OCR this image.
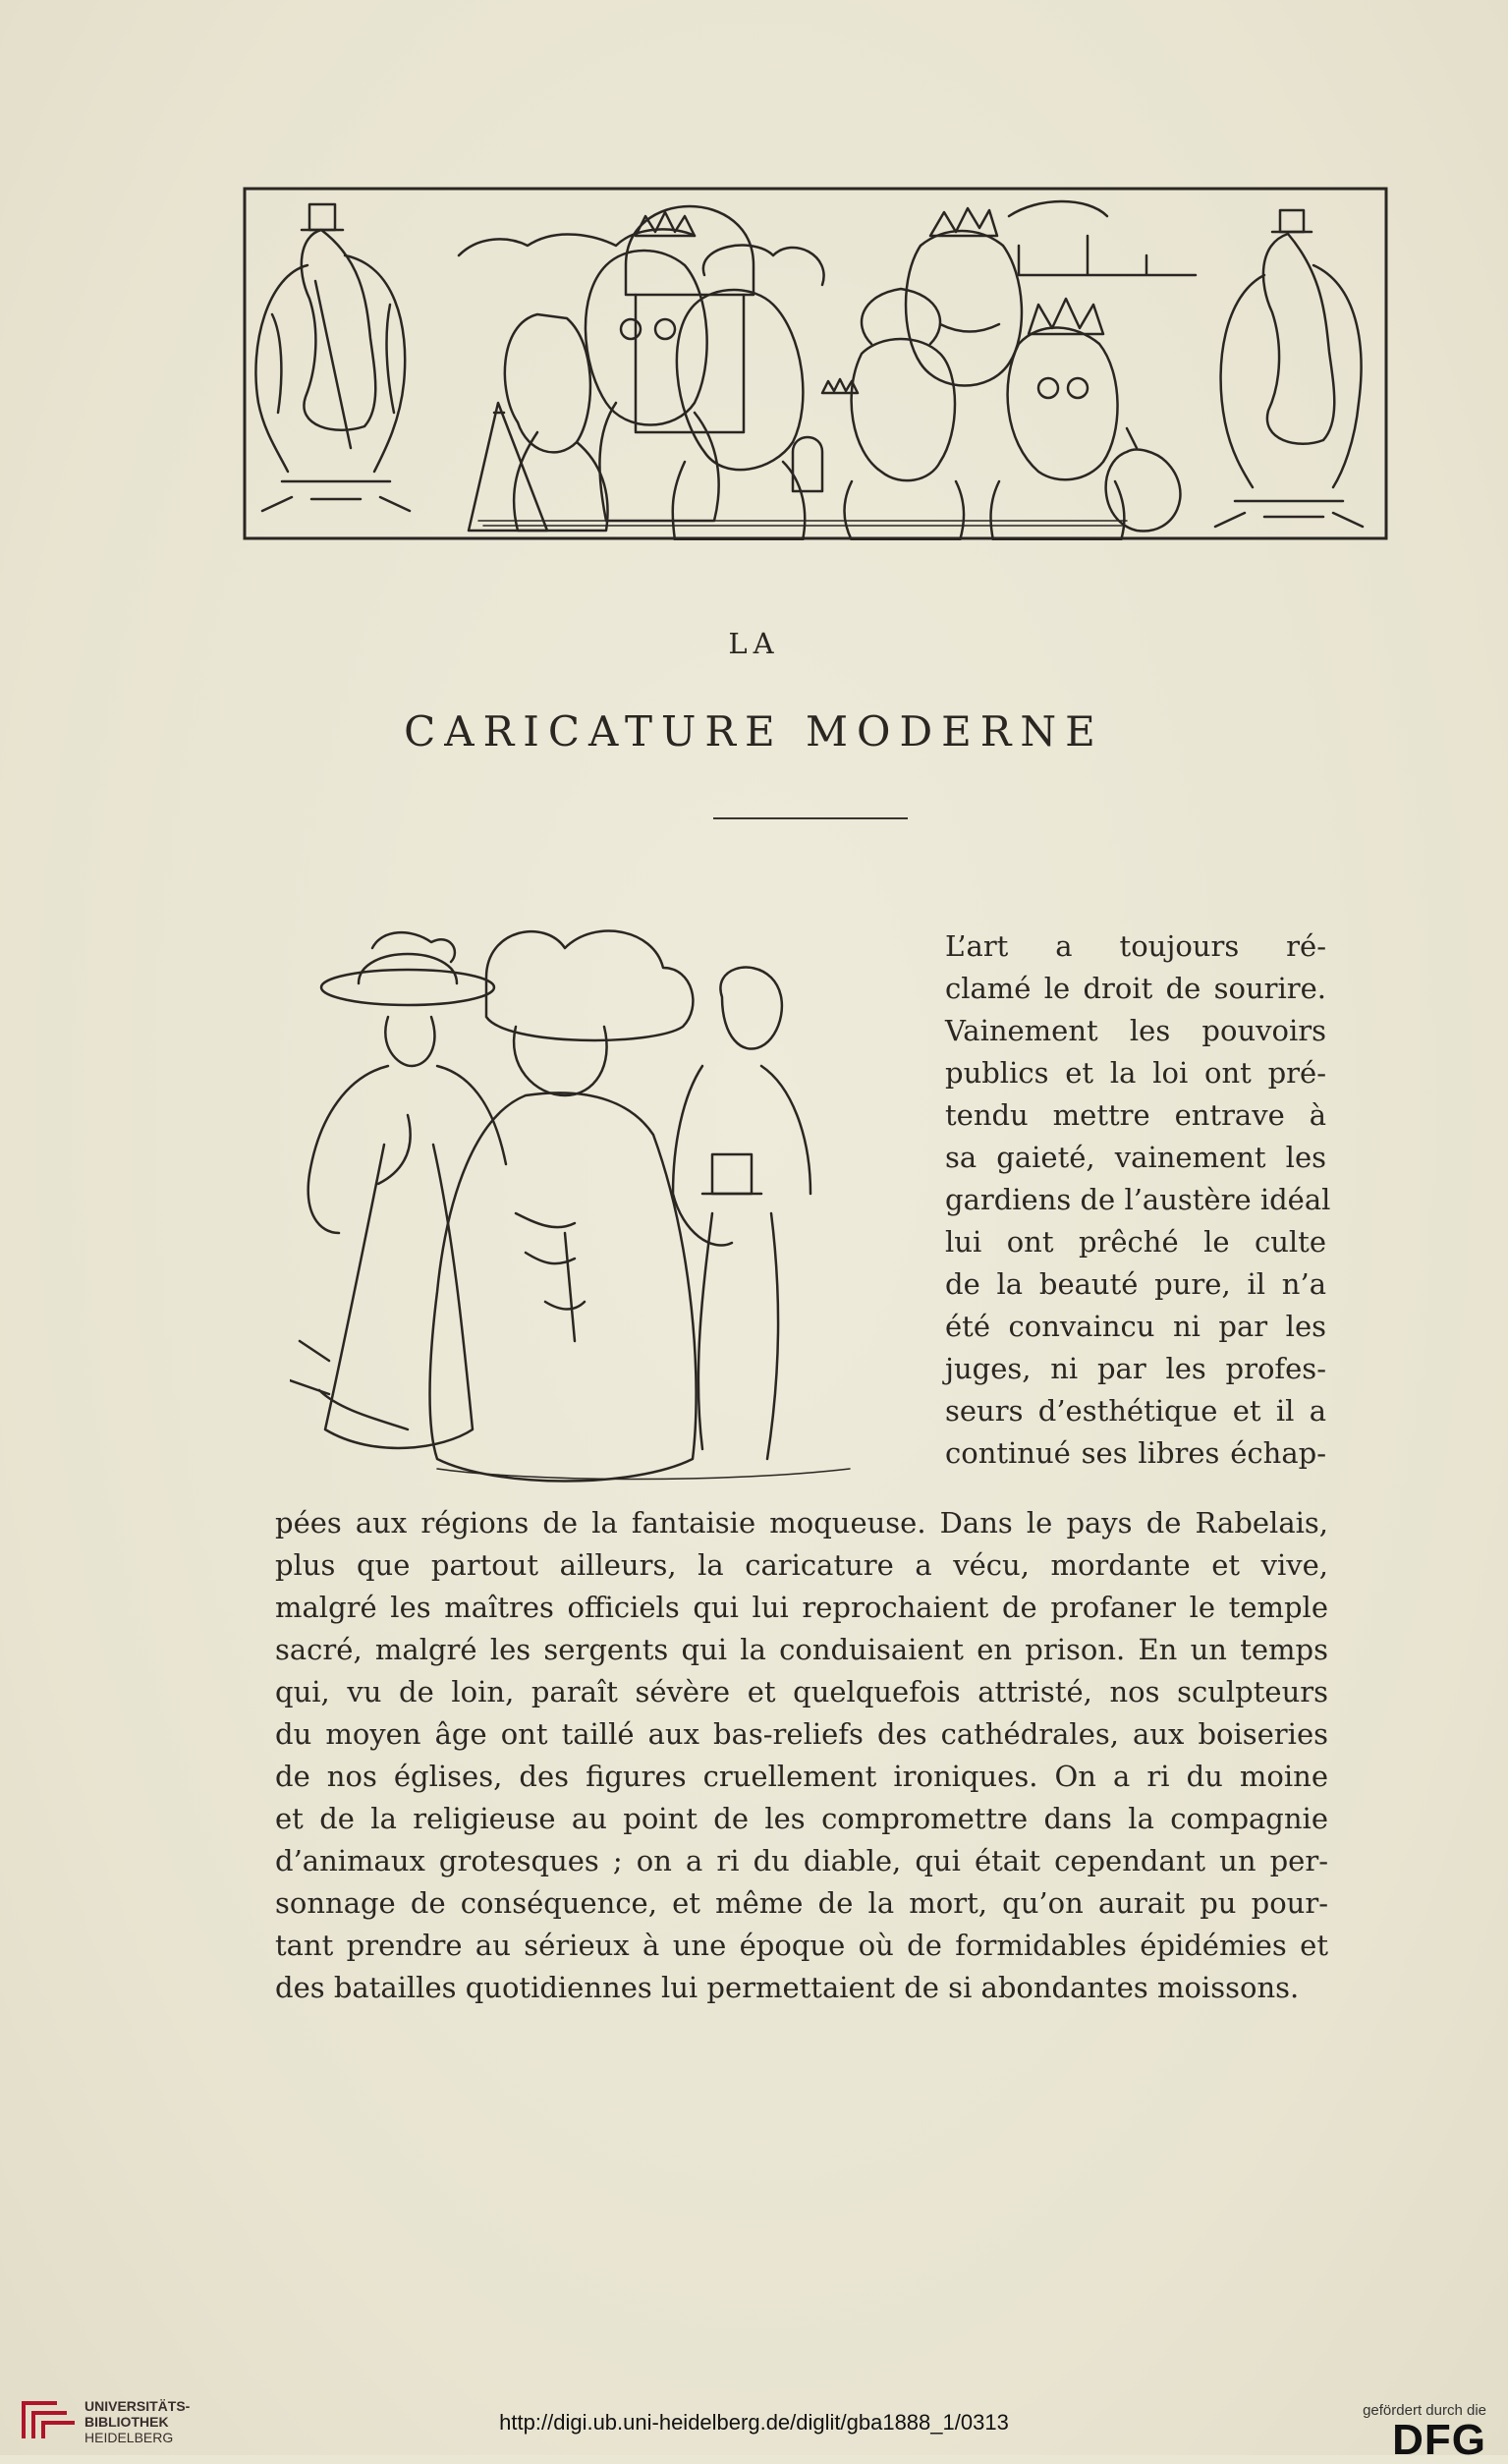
LA
CARICATURE MODERNE
L’art a toujours ré-
clamé le droit de sourire.
Vainement les pouvoirs
publics et la loi ont pré-
tendu mettre entrave à
sa gaieté, vainement les
gardiens de l’austère idéal
lui ont prêché le culte
de la beauté pure, il n’a
été convaincu ni par les
juges, ni par les profes-
seurs d’esthétique et il a
continué ses libres échap-
pées aux régions de la fantaisie moqueuse. Dans le pays de Rabelais,
plus que partout ailleurs, la caricature a vécu, mordante et vive,
malgré les maîtres officiels qui lui reprochaient de profaner le temple
sacré, malgré les sergents qui la conduisaient en prison. En un temps
qui, vu de loin, paraît sévère et quelquefois attristé, nos sculpteurs
du moyen âge ont taillé aux bas-reliefs des cathédrales, aux boiseries
de nos églises, des figures cruellement ironiques. On a ri du moine
et de la religieuse au point de les compromettre dans la compagnie
d’animaux grotesques ; on a ri du diable, qui était cependant un per-
sonnage de conséquence, et même de la mort, qu’on aurait pu pour-
tant prendre au sérieux à une époque où de formidables épidémies et
des batailles quotidiennes lui permettaient de si abondantes moissons.

UNIVERSITÄTS-

BIBLIOTHEK

HEIDELBERG

http://digi.ub.uni-heidelberg.de/diglit/gba1888_1/0313	gefördert durch die
DFG
